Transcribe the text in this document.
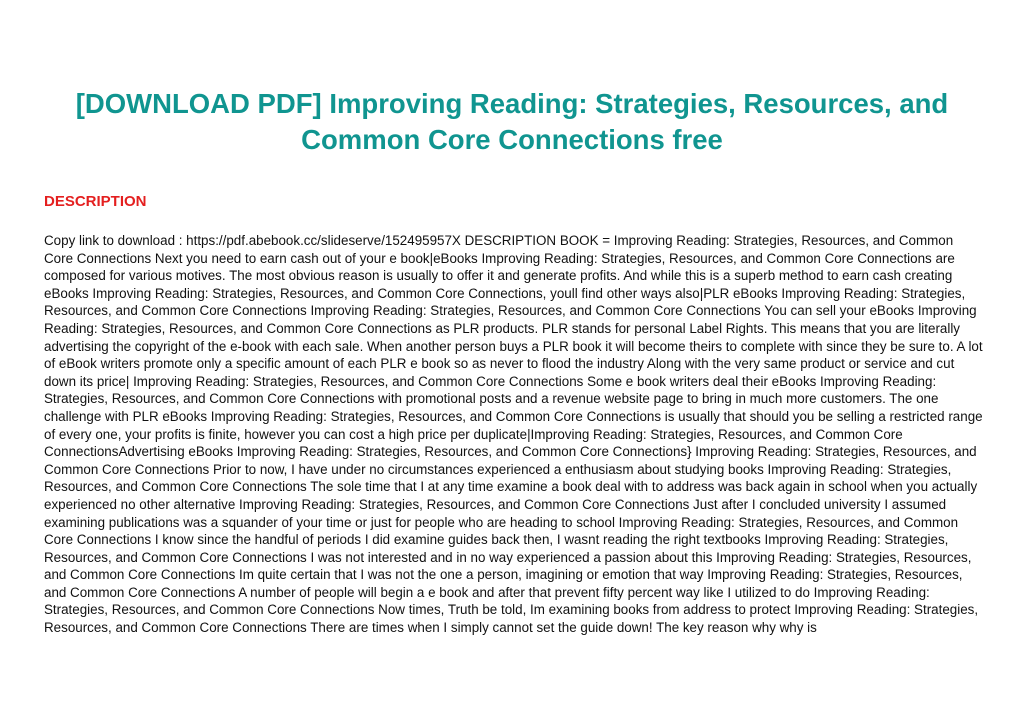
[DOWNLOAD PDF] Improving Reading: Strategies, Resources, and Common Core Connections free
DESCRIPTION

Copy link to download : https://pdf.abebook.cc/slideserve/152495957X DESCRIPTION BOOK = Improving Reading: Strategies, Resources, and Common Core Connections Next you need to earn cash out of your e book|eBooks Improving Reading: Strategies, Resources, and Common Core Connections are composed for various motives. The most obvious reason is usually to offer it and generate profits. And while this is a superb method to earn cash creating eBooks Improving Reading: Strategies, Resources, and Common Core Connections, youll find other ways also|PLR eBooks Improving Reading: Strategies, Resources, and Common Core Connections Improving Reading: Strategies, Resources, and Common Core Connections You can sell your eBooks Improving Reading: Strategies, Resources, and Common Core Connections as PLR products. PLR stands for personal Label Rights. This means that you are literally advertising the copyright of the e-book with each sale. When another person buys a PLR book it will become theirs to complete with since they be sure to. A lot of eBook writers promote only a specific amount of each PLR e book so as never to flood the industry Along with the very same product or service and cut down its price| Improving Reading: Strategies, Resources, and Common Core Connections Some e book writers deal their eBooks Improving Reading: Strategies, Resources, and Common Core Connections with promotional posts and a revenue website page to bring in much more customers. The one challenge with PLR eBooks Improving Reading: Strategies, Resources, and Common Core Connections is usually that should you be selling a restricted range of every one, your profits is finite, however you can cost a high price per duplicate|Improving Reading: Strategies, Resources, and Common Core ConnectionsAdvertising eBooks Improving Reading: Strategies, Resources, and Common Core Connections} Improving Reading: Strategies, Resources, and Common Core Connections Prior to now, I have under no circumstances experienced a enthusiasm about studying books Improving Reading: Strategies, Resources, and Common Core Connections The sole time that I at any time examine a book deal with to address was back again in school when you actually experienced no other alternative Improving Reading: Strategies, Resources, and Common Core Connections Just after I concluded university I assumed examining publications was a squander of your time or just for people who are heading to school Improving Reading: Strategies, Resources, and Common Core Connections I know since the handful of periods I did examine guides back then, I wasnt reading the right textbooks Improving Reading: Strategies, Resources, and Common Core Connections I was not interested and in no way experienced a passion about this Improving Reading: Strategies, Resources, and Common Core Connections Im quite certain that I was not the one a person, imagining or emotion that way Improving Reading: Strategies, Resources, and Common Core Connections A number of people will begin a e book and after that prevent fifty percent way like I utilized to do Improving Reading: Strategies, Resources, and Common Core Connections Now times, Truth be told, Im examining books from address to protect Improving Reading: Strategies, Resources, and Common Core Connections There are times when I simply cannot set the guide down! The key reason why why is
